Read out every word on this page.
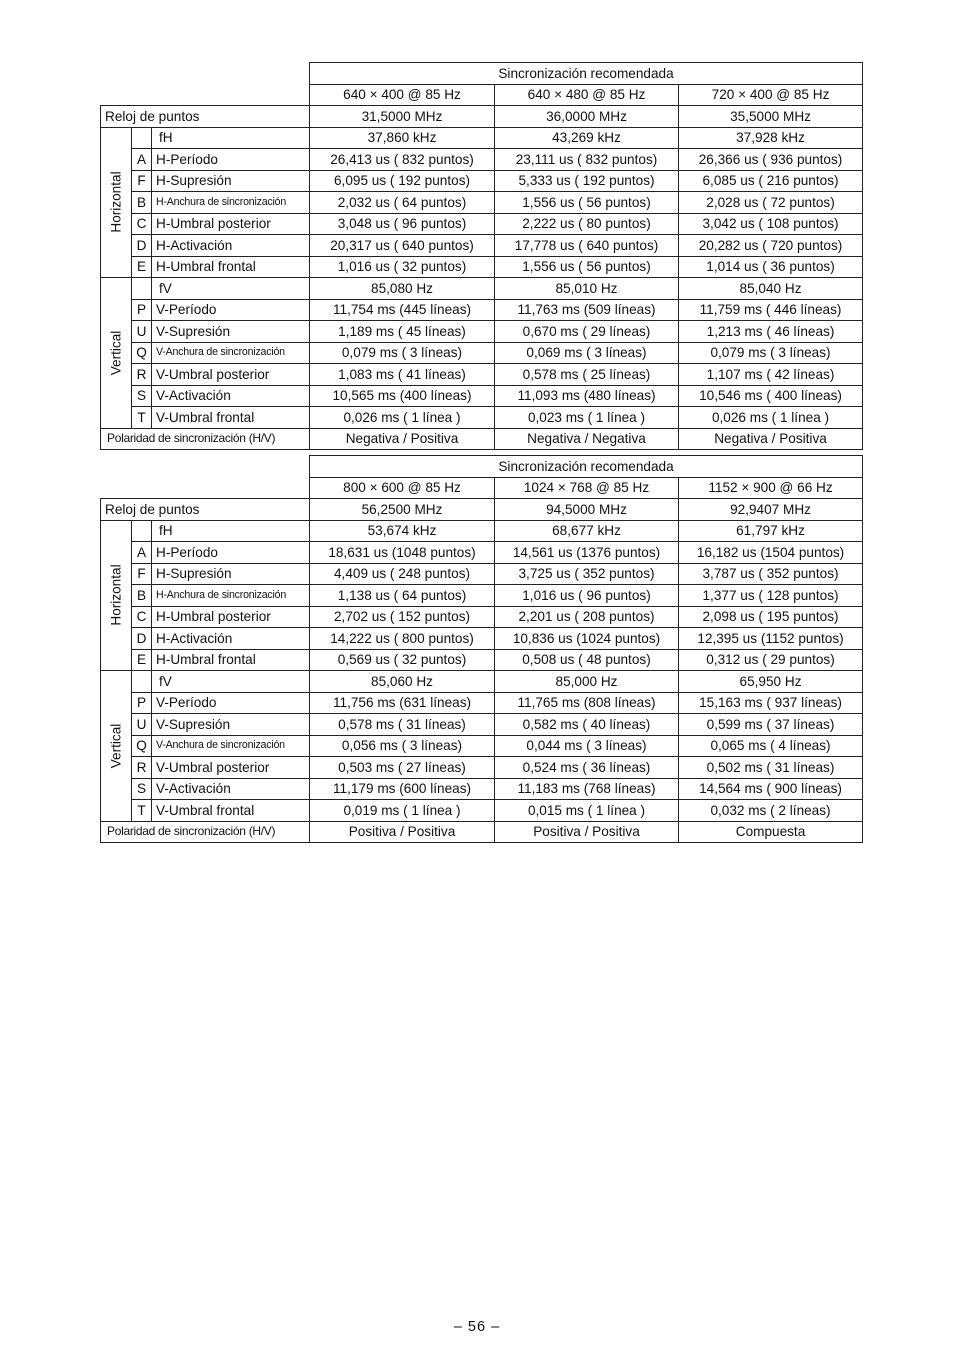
			Sincronización recomendada		
			640 × 400 @ 85 Hz	640 × 480 @ 85 Hz	720 × 400 @ 85 Hz
Reloj de puntos			31,5000 MHz	36,0000 MHz	35,5000 MHz

Horizontal		fH	37,860 kHz	43,269 kHz	37,928 kHz
	A	H-Período	26,413 us ( 832 puntos)	23,111 us ( 832 puntos)	26,366 us ( 936 puntos)
	F	H-Supresión	6,095 us ( 192 puntos)	5,333 us ( 192 puntos)	6,085 us ( 216 puntos)
	B	H-Anchura de sincronización	2,032 us ( 64 puntos)	1,556 us ( 56 puntos)	2,028 us ( 72 puntos)
	C	H-Umbral posterior	3,048 us ( 96 puntos)	2,222 us ( 80 puntos)	3,042 us ( 108 puntos)
	D	H-Activación	20,317 us ( 640 puntos)	17,778 us ( 640 puntos)	20,282 us ( 720 puntos)
	E	H-Umbral frontal	1,016 us ( 32 puntos)	1,556 us ( 56 puntos)	1,014 us ( 36 puntos)

Vertical		fV	85,080 Hz	85,010 Hz	85,040 Hz
	P	V-Período	11,754 ms (445 líneas)	11,763 ms (509 líneas)	11,759 ms ( 446 líneas)
	U	V-Supresión	1,189 ms ( 45 líneas)	0,670 ms ( 29 líneas)	1,213 ms ( 46 líneas)
	Q	V-Anchura de sincronización	0,079 ms ( 3 líneas)	0,069 ms ( 3 líneas)	0,079 ms ( 3 líneas)
	R	V-Umbral posterior	1,083 ms ( 41 líneas)	0,578 ms ( 25 líneas)	1,107 ms ( 42 líneas)
	S	V-Activación	10,565 ms (400 líneas)	11,093 ms (480 líneas)	10,546 ms ( 400 líneas)
	T	V-Umbral frontal	0,026 ms ( 1 línea )	0,023 ms ( 1 línea )	0,026 ms ( 1 línea )
Polaridad de sincronización (H/V)			Negativa / Positiva	Negativa / Negativa	Negativa / Positiva
			Sincronización recomendada		
			800 × 600 @ 85 Hz	1024 × 768 @ 85 Hz	1152 × 900 @ 66 Hz
Reloj de puntos			56,2500 MHz	94,5000 MHz	92,9407 MHz

Horizontal		fH	53,674 kHz	68,677 kHz	61,797 kHz
	A	H-Período	18,631 us (1048 puntos)	14,561 us (1376 puntos)	16,182 us (1504 puntos)
	F	H-Supresión	4,409 us ( 248 puntos)	3,725 us ( 352 puntos)	3,787 us ( 352 puntos)
	B	H-Anchura de sincronización	1,138 us ( 64 puntos)	1,016 us ( 96 puntos)	1,377 us ( 128 puntos)
	C	H-Umbral posterior	2,702 us ( 152 puntos)	2,201 us ( 208 puntos)	2,098 us ( 195 puntos)
	D	H-Activación	14,222 us ( 800 puntos)	10,836 us (1024 puntos)	12,395 us (1152 puntos)
	E	H-Umbral frontal	0,569 us ( 32 puntos)	0,508 us ( 48 puntos)	0,312 us ( 29 puntos)

Vertical		fV	85,060 Hz	85,000 Hz	65,950 Hz
	P	V-Período	11,756 ms (631 líneas)	11,765 ms (808 líneas)	15,163 ms ( 937 líneas)
	U	V-Supresión	0,578 ms ( 31 líneas)	0,582 ms ( 40 líneas)	0,599 ms ( 37 líneas)
	Q	V-Anchura de sincronización	0,056 ms ( 3 líneas)	0,044 ms ( 3 líneas)	0,065 ms ( 4 líneas)
	R	V-Umbral posterior	0,503 ms ( 27 líneas)	0,524 ms ( 36 líneas)	0,502 ms ( 31 líneas)
	S	V-Activación	11,179 ms (600 líneas)	11,183 ms (768 líneas)	14,564 ms ( 900 líneas)
	T	V-Umbral frontal	0,019 ms ( 1 línea )	0,015 ms ( 1 línea )	0,032 ms ( 2 líneas)
Polaridad de sincronización (H/V)			Positiva / Positiva	Positiva / Positiva	Compuesta
– 56 –
